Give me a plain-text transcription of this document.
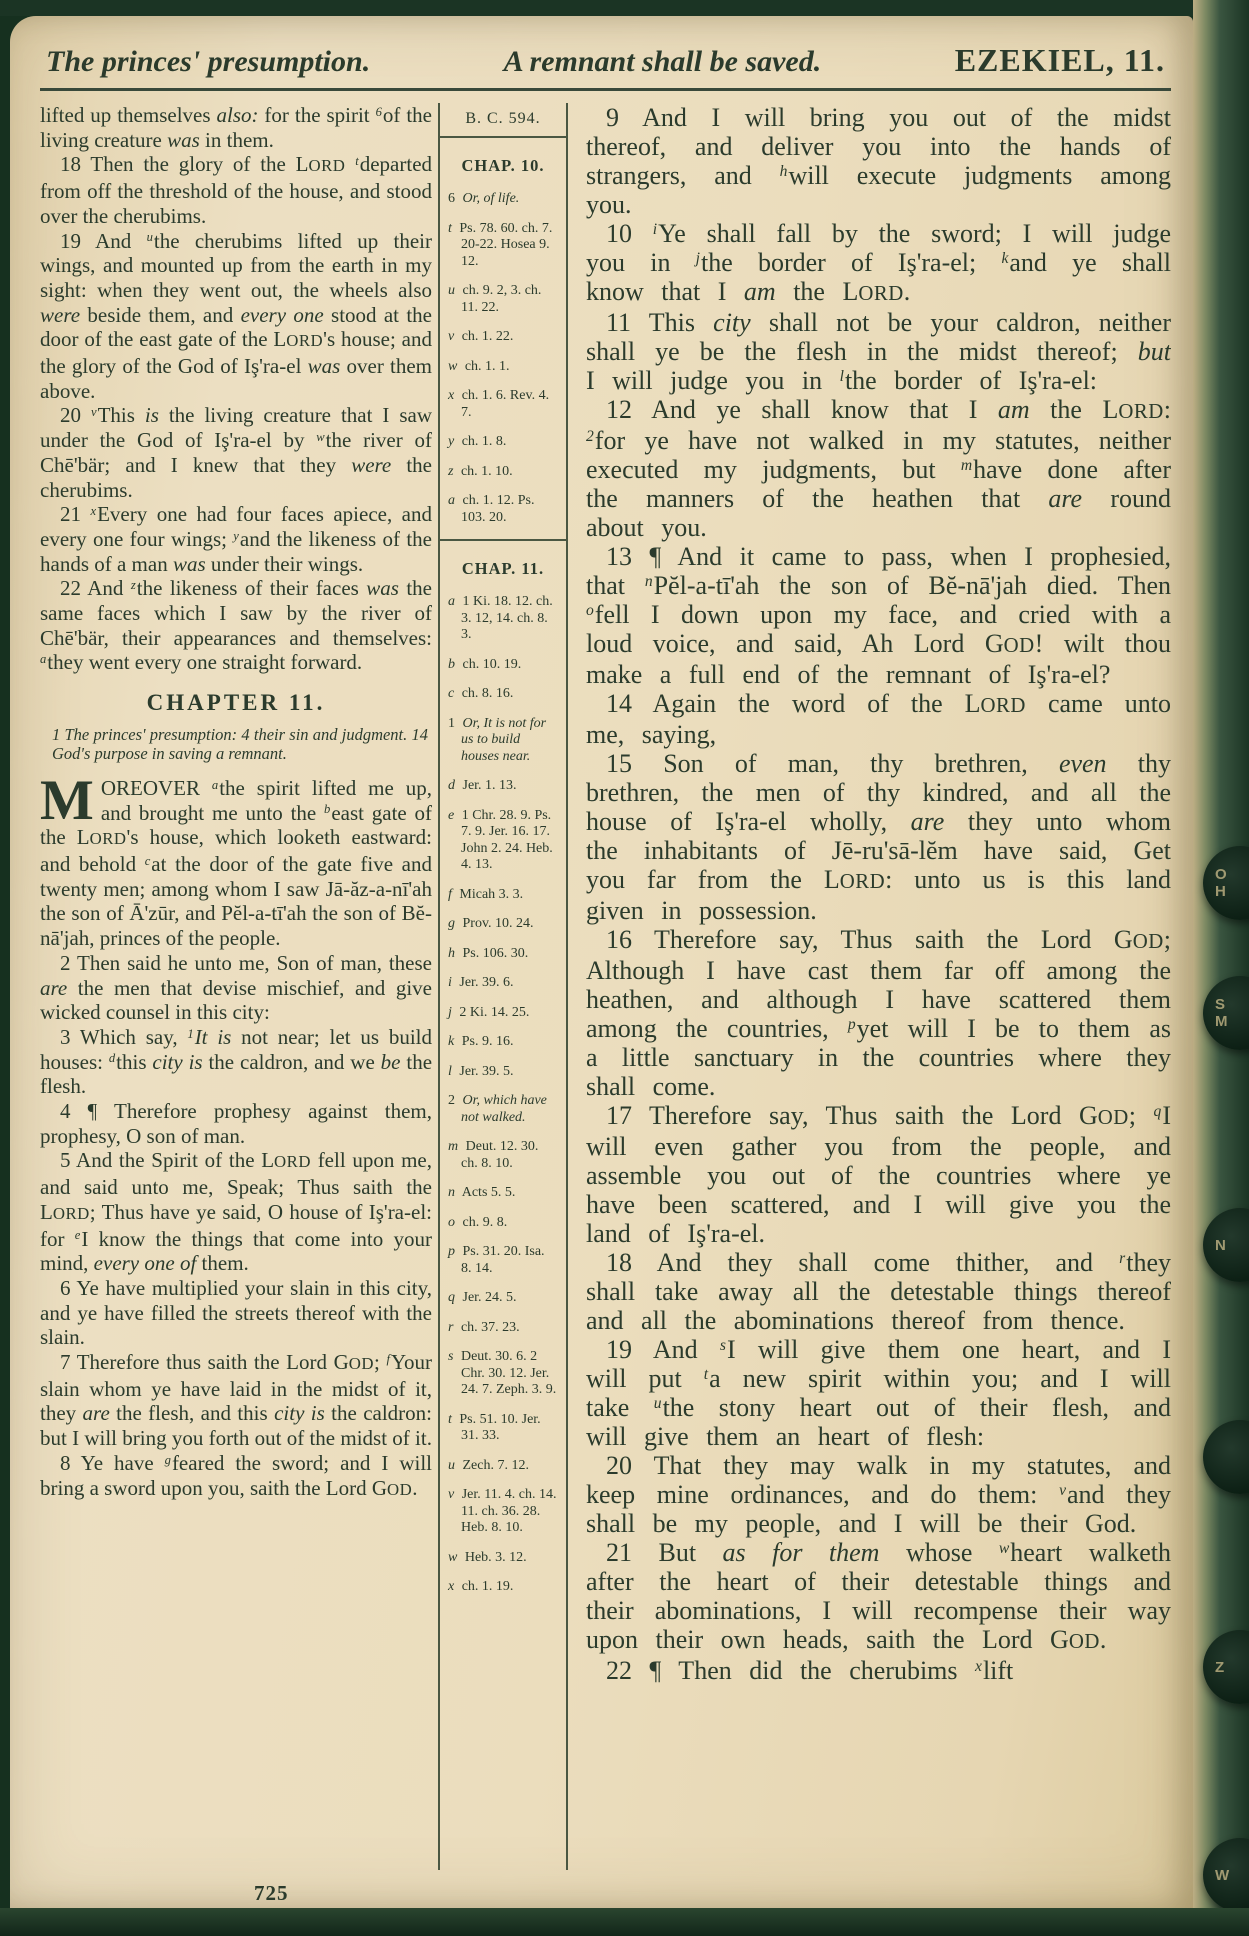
The princes' presumption.	A remnant shall be saved.	EZEKIEL, 11.

lifted up themselves also: for the spirit $^6$of the living creature was in them.

18 Then the glory of the LORD $^t$departed from off the threshold of the house, and stood over the cherubims.

19 And $^u$the cherubims lifted up their wings, and mounted up from the earth in my sight: when they went out, the wheels also were beside them, and every one stood at the door of the east gate of the LORD's house; and the glory of the God of Iş'ra-el was over them above.

20 $^v$This is the living creature that I saw under the God of Iş'ra-el by $^w$the river of Chē'bär; and I knew that they were the cherubims.

21 $^x$Every one had four faces apiece, and every one four wings; $^y$and the likeness of the hands of a man was under their wings.

22 And $^z$the likeness of their faces was the same faces which I saw by the river of Chē'bär, their appearances and themselves: $^a$they went every one straight forward.

CHAPTER 11.

1 The princes' presumption: 4 their sin and judgment. 14 God's purpose in saving a remnant.

MOREOVER $^a$the spirit lifted me up, and brought me unto the $^b$east gate of the LORD's house, which looketh eastward: and behold $^c$at the door of the gate five and twenty men; among whom I saw Jā-ăz-a-nī'ah the son of Ā'zūr, and Pĕl-a-tī'ah the son of Bĕ-nā'jah, princes of the people.

2 Then said he unto me, Son of man, these are the men that devise mischief, and give wicked counsel in this city:

3 Which say, $^1$It is not near; let us build houses: $^d$this city is the caldron, and we be the flesh.

4 ¶ Therefore prophesy against them, prophesy, O son of man.

5 And the Spirit of the LORD fell upon me, and said unto me, Speak; Thus saith the LORD; Thus have ye said, O house of Iş'ra-el: for $^e$I know the things that come into your mind, every one of them.

6 Ye have multiplied your slain in this city, and ye have filled the streets thereof with the slain.

7 Therefore thus saith the Lord GOD; $^f$Your slain whom ye have laid in the midst of it, they are the flesh, and this city is the caldron: but I will bring you forth out of the midst of it.

8 Ye have $^g$feared the sword; and I will bring a sword upon you, saith the Lord GOD.

B. C. 594.
CHAP. 10.
6 Or, of life.
t Ps. 78. 60. ch. 7. 20-22. Hosea 9. 12.
u ch. 9. 2, 3. ch. 11. 22.
v ch. 1. 22.
w ch. 1. 1.
x ch. 1. 6. Rev. 4. 7.
y ch. 1. 8.
z ch. 1. 10.
a ch. 1. 12. Ps. 103. 20.
CHAP. 11.
a 1 Ki. 18. 12. ch. 3. 12, 14. ch. 8. 3.
b ch. 10. 19.
c ch. 8. 16.
1 Or, It is not for us to build houses near.
d Jer. 1. 13.
e 1 Chr. 28. 9. Ps. 7. 9. Jer. 16. 17. John 2. 24. Heb. 4. 13.
f Micah 3. 3.
g Prov. 10. 24.
h Ps. 106. 30.
i Jer. 39. 6.
j 2 Ki. 14. 25.
k Ps. 9. 16.
l Jer. 39. 5.
2 Or, which have not walked.
m Deut. 12. 30. ch. 8. 10.
n Acts 5. 5.
o ch. 9. 8.
p Ps. 31. 20. Isa. 8. 14.
q Jer. 24. 5.
r ch. 37. 23.
s Deut. 30. 6. 2 Chr. 30. 12. Jer. 24. 7. Zeph. 3. 9.
t Ps. 51. 10. Jer. 31. 33.
u Zech. 7. 12.
v Jer. 11. 4. ch. 14. 11. ch. 36. 28. Heb. 8. 10.
w Heb. 3. 12.
x ch. 1. 19.

9 And I will bring you out of the midst thereof, and deliver you into the hands of strangers, and $^h$will execute judgments among you.

10 $^i$Ye shall fall by the sword; I will judge you in $^j$the border of Iş'ra-el; $^k$and ye shall know that I am the LORD.

11 This city shall not be your caldron, neither shall ye be the flesh in the midst thereof; but I will judge you in $^l$the border of Iş'ra-el:

12 And ye shall know that I am the LORD: $^2$for ye have not walked in my statutes, neither executed my judgments, but $^m$have done after the manners of the heathen that are round about you.

13 ¶ And it came to pass, when I prophesied, that $^n$Pĕl-a-tī'ah the son of Bĕ-nā'jah died. Then $^o$fell I down upon my face, and cried with a loud voice, and said, Ah Lord GOD! wilt thou make a full end of the remnant of Iş'ra-el?

14 Again the word of the LORD came unto me, saying,

15 Son of man, thy brethren, even thy brethren, the men of thy kindred, and all the house of Iş'ra-el wholly, are they unto whom the inhabitants of Jē-ru'sā-lĕm have said, Get you far from the LORD: unto us is this land given in possession.

16 Therefore say, Thus saith the Lord GOD; Although I have cast them far off among the heathen, and although I have scattered them among the countries, $^p$yet will I be to them as a little sanctuary in the countries where they shall come.

17 Therefore say, Thus saith the Lord GOD; $^q$I will even gather you from the people, and assemble you out of the countries where ye have been scattered, and I will give you the land of Iş'ra-el.

18 And they shall come thither, and $^r$they shall take away all the detestable things thereof and all the abominations thereof from thence.

19 And $^s$I will give them one heart, and I will put $^t$a new spirit within you; and I will take $^u$the stony heart out of their flesh, and will give them an heart of flesh:

20 That they may walk in my statutes, and keep mine ordinances, and do them: $^v$and they shall be my people, and I will be their God.

21 But as for them whose $^w$heart walketh after the heart of their detestable things and their abominations, I will recompense their way upon their own heads, saith the Lord GOD.

22 ¶ Then did the cherubims $^x$lift

725
O
H
S
M
N
Z
W
